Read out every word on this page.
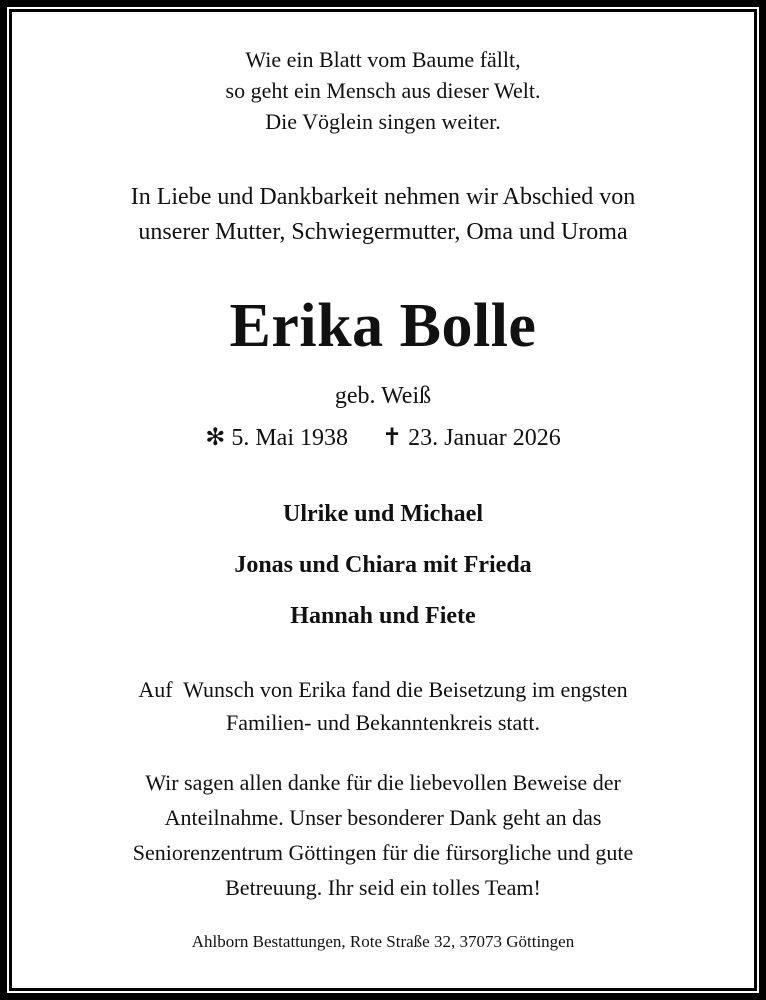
Wie ein Blatt vom Baume fällt,
so geht ein Mensch aus dieser Welt.
Die Vöglein singen weiter.
In Liebe und Dankbarkeit nehmen wir Abschied von
unserer Mutter, Schwiegermutter, Oma und Uroma
Erika Bolle
geb. Weiß
✻ 5. Mai 1938 ✝ 23. Januar 2026
Ulrike und Michael
Jonas und Chiara mit Frieda
Hannah und Fiete
Auf  Wunsch von Erika fand die Beisetzung im engsten
Familien- und Bekanntenkreis statt.
Wir sagen allen danke für die liebevollen Beweise der
Anteilnahme. Unser besonderer Dank geht an das
Seniorenzentrum Göttingen für die fürsorgliche und gute
Betreuung. Ihr seid ein tolles Team!
Ahlborn Bestattungen, Rote Straße 32, 37073 Göttingen
